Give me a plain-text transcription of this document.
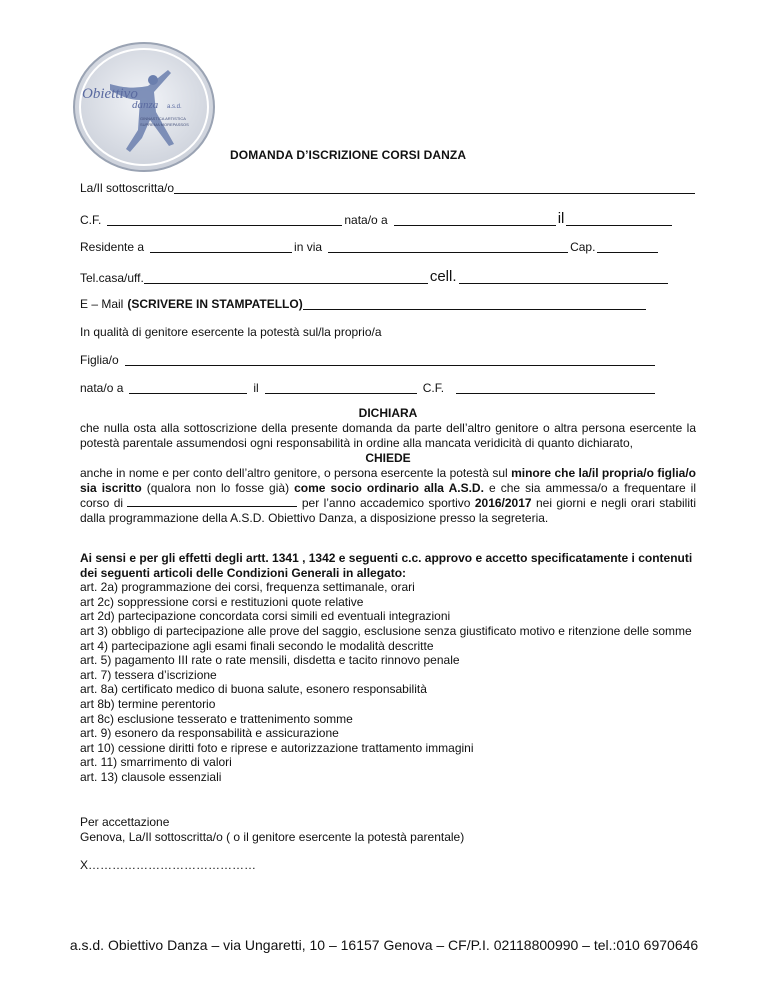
Obiettivo
danza a.s.d.
GINNASTICA ARTISTICA
SUPREMA MOREPASSOS
DOMANDA D’ISCRIZIONE CORSI DANZA
La/Il sottoscritta/o
C.F.	nata/o a	il
Residente a	in via	Cap.
Tel.casa/uff.	cell.
E – Mail (SCRIVERE IN STAMPATELLO)
In qualità di genitore esercente la potestà sul/la proprio/a
Figlia/o
nata/o a	il	C.F.
DICHIARA
che nulla osta alla sottoscrizione della presente domanda da parte dell’altro genitore o altra persona esercente la potestà parentale assumendosi ogni responsabilità in ordine alla mancata veridicità di quanto dichiarato,
CHIEDE
anche in nome e per conto dell’altro genitore, o persona esercente la potestà sul minore che la/il propria/o figlia/o sia iscritto (qualora non lo fosse già) come socio ordinario alla A.S.D. e che sia ammessa/o a frequentare il corso di	per l’anno accademico sportivo 2016/2017 nei giorni e negli orari stabiliti dalla programmazione della A.S.D. Obiettivo Danza, a disposizione presso la segreteria.
Ai sensi e per gli effetti degli artt. 1341 , 1342 e seguenti c.c. approvo e accetto specificatamente i contenuti dei seguenti articoli delle Condizioni Generali in allegato:
art. 2a) programmazione dei corsi, frequenza settimanale, orari
art 2c) soppressione corsi e restituzioni quote relative
art 2d) partecipazione concordata corsi simili ed eventuali integrazioni
art 3) obbligo di partecipazione alle prove del saggio, esclusione senza giustificato motivo e ritenzione delle somme
art 4) partecipazione agli esami finali secondo le modalità descritte
art. 5) pagamento III rate o rate mensili, disdetta e tacito rinnovo penale
art. 7) tessera d’iscrizione
art. 8a) certificato medico di buona salute, esonero responsabilità
art 8b) termine perentorio
art 8c) esclusione tesserato e trattenimento somme
art. 9) esonero da responsabilità e assicurazione
art 10) cessione diritti foto e riprese e autorizzazione trattamento immagini
art. 11) smarrimento di valori
art. 13) clausole essenziali
Per accettazione
Genova, La/Il sottoscritta/o ( o il genitore esercente la potestà parentale)
X……………………………………
a.s.d. Obiettivo Danza – via Ungaretti, 10 – 16157 Genova – CF/P.I. 02118800990 – tel.:010 6970646
